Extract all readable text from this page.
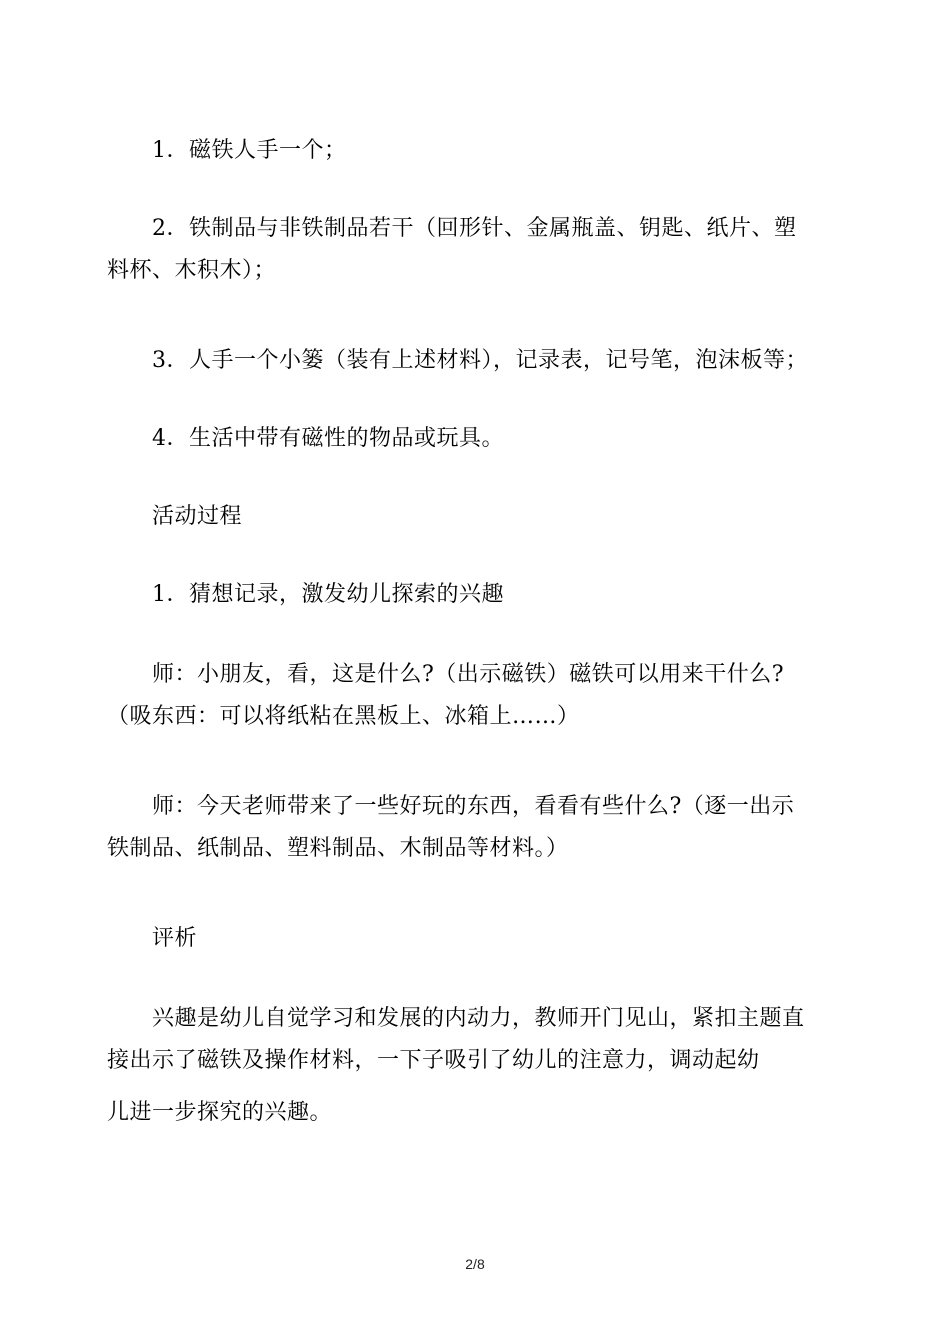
1．磁铁人手一个；
2．铁制品与非铁制品若干（回形针、金属瓶盖、钥匙、纸片、塑
料杯、木积木）；
3．人手一个小篓（装有上述材料），记录表，记号笔，泡沫板等；
4．生活中带有磁性的物品或玩具。
活动过程
1．猜想记录，激发幼儿探索的兴趣
师：小朋友，看，这是什么?（出示磁铁）磁铁可以用来干什么?
（吸东西：可以将纸粘在黑板上、冰箱上……）
师：今天老师带来了一些好玩的东西，看看有些什么?（逐一出示
铁制品、纸制品、塑料制品、木制品等材料。）
评析
兴趣是幼儿自觉学习和发展的内动力，教师开门见山，紧扣主题直
接出示了磁铁及操作材料，一下子吸引了幼儿的注意力，调动起幼
儿进一步探究的兴趣。
2/8
